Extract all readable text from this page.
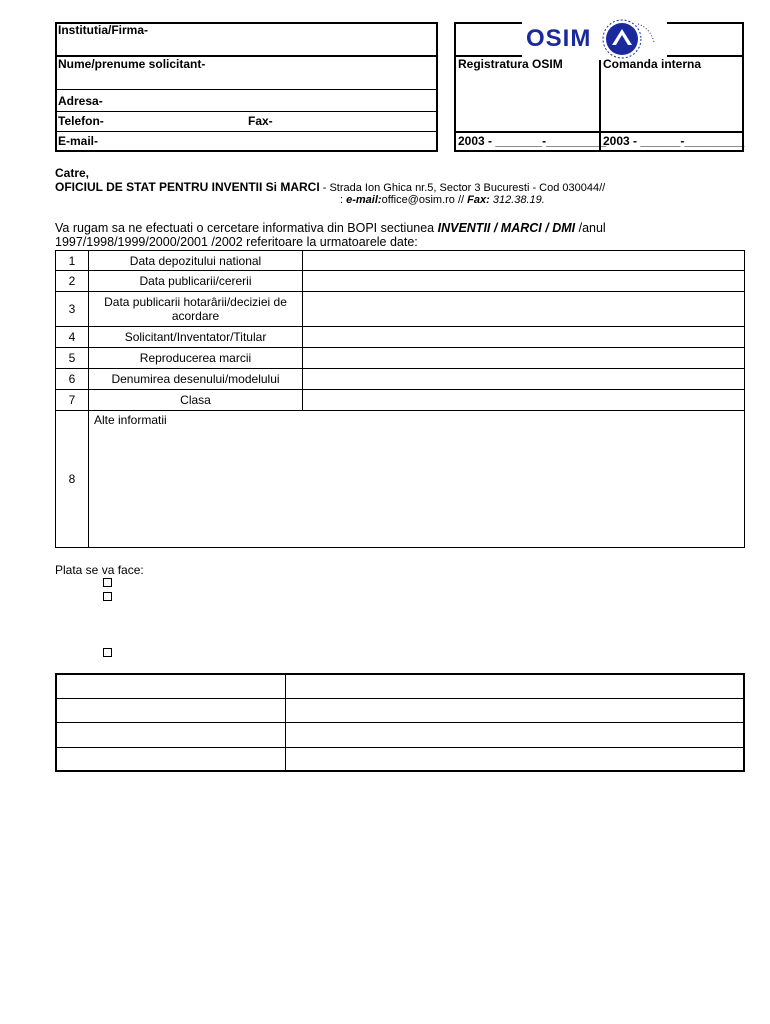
Institutia/Firma-
Nume/prenume solicitant-
Adresa-
Telefon-	Fax-
E-mail-
OSIM
Registratura OSIM	Comanda interna
2003 - _______-_________
2003 - ______-_________
Catre,
OFICIUL DE STAT PENTRU INVENTII Si MARCI - Strada Ion Ghica nr.5, Sector 3 Bucuresti - Cod 030044//
: e-mail:office@osim.ro // Fax: 312.38.19.
Va rugam sa ne efectuati o cercetare informativa din BOPI sectiunea INVENTII / MARCI / DMI /anul
1997/1998/1999/2000/2001 /2002 referitoare la urmatoarele date:
1	Data depozitului national	
2	Data publicarii/cererii	
3	Data publicarii hotarârii/deciziei de acordare	
4	Solicitant/Inventator/Titular	
5	Reproducerea marcii	
6	Denumirea desenului/modelului	
7	Clasa	
8	Alte informatii	
Plata se va face:
